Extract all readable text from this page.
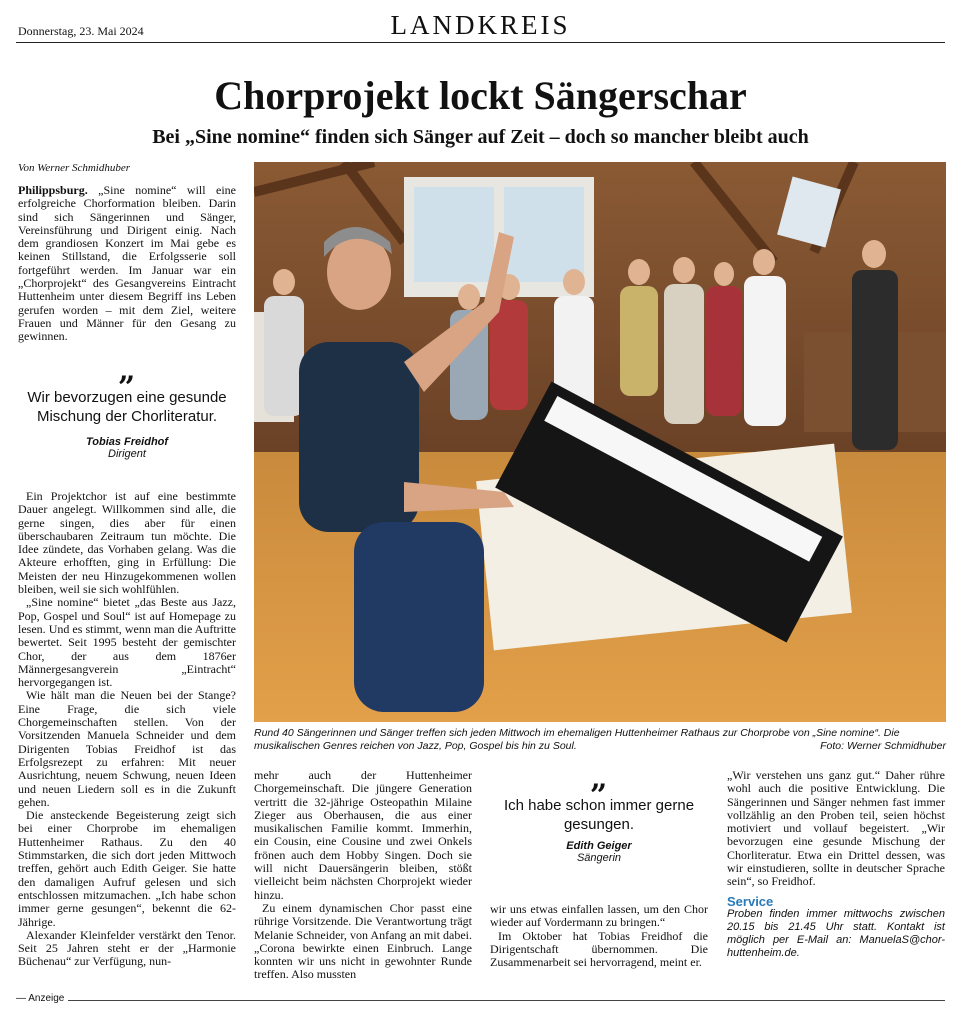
Donnerstag, 23. Mai 2024	LANDKREIS
Chorprojekt lockt Sängerschar
Bei „Sine nomine“ finden sich Sänger auf Zeit – doch so mancher bleibt auch
Von Werner Schmidhuber

Philippsburg. „Sine nomine“ will eine erfolgreiche Chorformation bleiben. Darin sind sich Sängerinnen und Sänger, Vereinsführung und Dirigent einig. Nach dem grandiosen Konzert im Mai gebe es keinen Stillstand, die Erfolgsserie soll fortgeführt werden. Im Januar war ein „Chorprojekt“ des Gesangvereins Eintracht Huttenheim unter diesem Begriff ins Leben gerufen worden – mit dem Ziel, weitere Frauen und Männer für den Gesang zu gewinnen.

„
Wir bevorzugen eine gesunde Mischung der Chorliteratur.
Tobias Freidhof
Dirigent

Ein Projektchor ist auf eine bestimmte Dauer angelegt. Willkommen sind alle, die gerne singen, dies aber für einen überschaubaren Zeitraum tun möchte. Die Idee zündete, das Vorhaben gelang. Was die Akteure erhofften, ging in Erfüllung: Die Meisten der neu Hinzugekommenen wollen bleiben, weil sie sich wohlfühlen.

„Sine nomine“ bietet „das Beste aus Jazz, Pop, Gospel und Soul“ ist auf Homepage zu lesen. Und es stimmt, wenn man die Auftritte bewertet. Seit 1995 besteht der gemischter Chor, der aus dem 1876er Männergesangverein „Eintracht“ hervorgegangen ist.

Wie hält man die Neuen bei der Stange? Eine Frage, die sich viele Chorgemeinschaften stellen. Von der Vorsitzenden Manuela Schneider und dem Dirigenten Tobias Freidhof ist das Erfolgsrezept zu erfahren: Mit neuer Ausrichtung, neuem Schwung, neuen Ideen und neuen Liedern soll es in die Zukunft gehen.

Die ansteckende Begeisterung zeigt sich bei einer Chorprobe im ehemaligen Huttenheimer Rathaus. Zu den 40 Stimmstarken, die sich dort jeden Mittwoch treffen, gehört auch Edith Geiger. Sie hatte den damaligen Aufruf gelesen und sich entschlossen mitzumachen. „Ich habe schon immer gerne gesungen“, bekennt die 62-Jährige.

Alexander Kleinfelder verstärkt den Tenor. Seit 25 Jahren steht er der „Harmonie Büchenau“ zur Verfügung, nun-

Rund 40 Sängerinnen und Sänger treffen sich jeden Mittwoch im ehemaligen Huttenheimer Rathaus zur Chorprobe von „Sine nomine“. Die musikalischen Genres reichen von Jazz, Pop, Gospel bis hin zu Soul.	Foto: Werner Schmidhuber

mehr auch der Huttenheimer Chorgemeinschaft. Die jüngere Generation vertritt die 32-jährige Osteopathin Milaine Zieger aus Oberhausen, die aus einer musikalischen Familie kommt. Immerhin, ein Cousin, eine Cousine und zwei Onkels frönen auch dem Hobby Singen. Doch sie will nicht Dauersängerin bleiben, stößt vielleicht beim nächsten Chorprojekt wieder hinzu.

Zu einem dynamischen Chor passt eine rührige Vorsitzende. Die Verantwortung trägt Melanie Schneider, von Anfang an mit dabei. „Corona bewirkte einen Einbruch. Lange konnten wir uns nicht in gewohnter Runde treffen. Also mussten

„
Ich habe schon immer gerne gesungen.
Edith Geiger
Sängerin

wir uns etwas einfallen lassen, um den Chor wieder auf Vordermann zu bringen.“

Im Oktober hat Tobias Freidhof die Dirigentschaft übernommen. Die Zusammenarbeit sei hervorragend, meint er.

„Wir verstehen uns ganz gut.“ Daher rühre wohl auch die positive Entwicklung. Die Sängerinnen und Sänger nehmen fast immer vollzählig an den Proben teil, seien höchst motiviert und vollauf begeistert. „Wir bevorzugen eine gesunde Mischung der Chorliteratur. Etwa ein Drittel dessen, was wir einstudieren, sollte in deutscher Sprache sein“, so Freidhof.

Service
Proben finden immer mittwochs zwischen 20.15 bis 21.45 Uhr statt. Kontakt ist möglich per E-Mail an: ManuelaS@chor-huttenheim.de.
— Anzeige
